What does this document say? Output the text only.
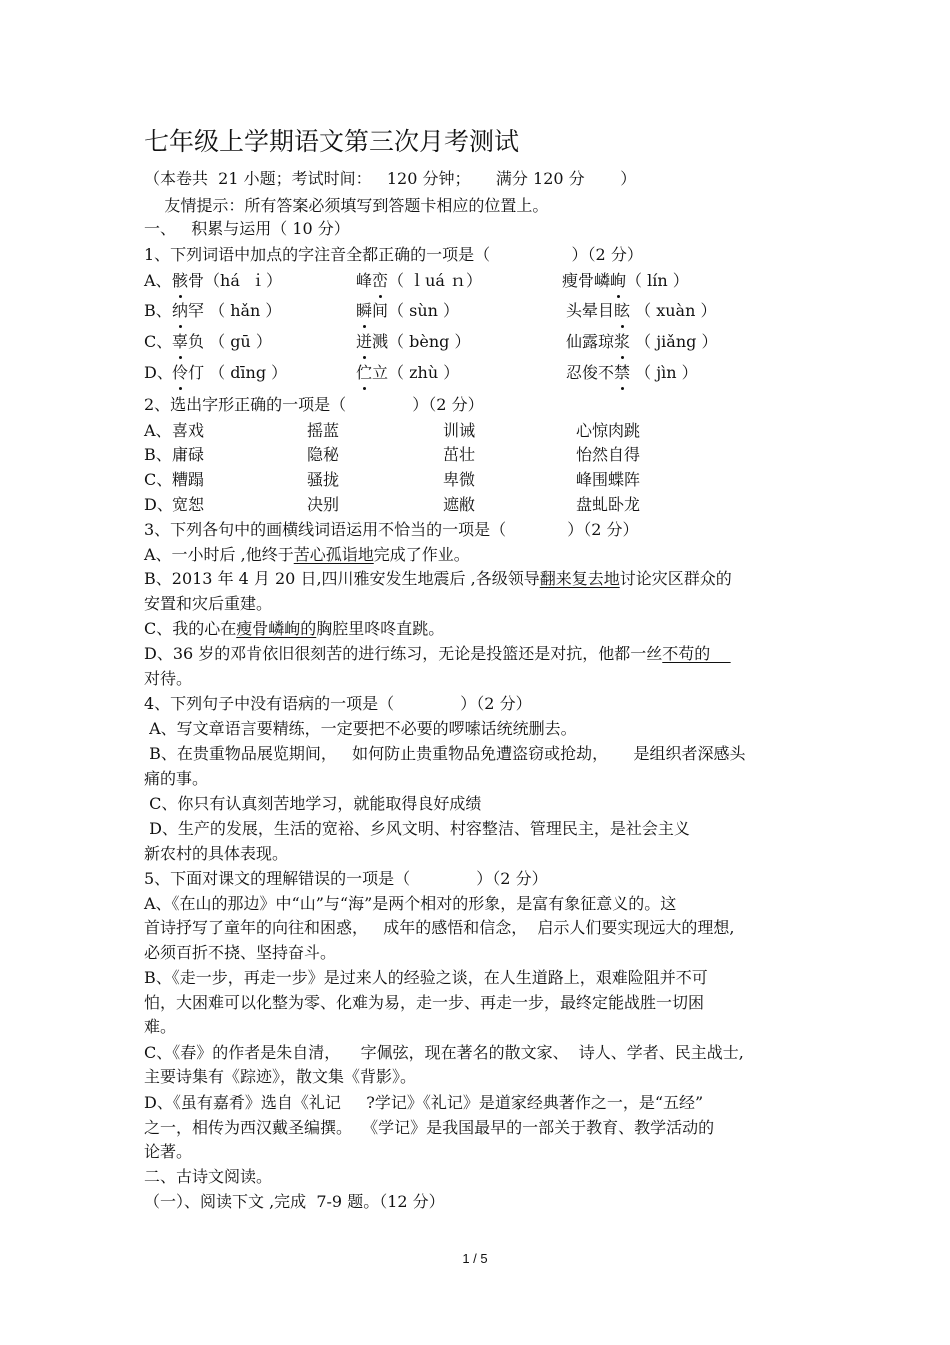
七年级上学期语文第三次月考测试
（本卷共  21 小题；考试时间：   120 分钟；     满分 120 分       ）
友情提示：所有答案必须填写到答题卡相应的位置上。
一、   积累与运用（ 10 分）
1、下列词语中加点的字注音全都正确的一项是（                ）（2 分）
A、 骸骨（há  ｉ）	峰峦（ ｌuá ｎ）	瘦骨嶙峋（ lín ）
B、 纳罕 （ hǎn ）	瞬间（ sùn ）	头晕目眩 （ xuàn ）
C、 辜负 （ gū ）	迸溅（ bèng ）	仙露琼浆 （ jiǎng ）
D、 伶仃 （ dīng ）	伫立（ zhù ）	忍俊不禁 （ jìn ）
2、选出字形正确的一项是（             ）（2 分）
A、 喜戏	摇蓝	训诫	心惊肉跳
B、 庸碌	隐秘	茁壮	怡然自得
C、 糟蹋	骚拢	卑微	峰围蝶阵
D、 宽恕	决别	遮敝	盘虬卧龙
3、下列各句中的画横线词语运用不恰当的一项是（            ）（2 分）
A、一小时后 ,他终于苦心孤诣地完成了作业。
B、2013 年 4 月 20 日,四川雅安发生地震后 ,各级领导翻来复去地讨论灾区群众的
安置和灾后重建。
C、我的心在瘦骨嶙峋的胸腔里咚咚直跳。
D、36 岁的邓肯依旧很刻苦的进行练习，无论是投篮还是对抗，他都一丝不苟的
对待。
4、下列句子中没有语病的一项是（             ）（2 分）
A、写文章语言要精练，一定要把不必要的啰嗦话统统删去。
B、在贵重物品展览期间，   如何防止贵重物品免遭盗窃或抢劫，     是组织者深感头
痛的事。
C、你只有认真刻苦地学习，就能取得良好成绩
D、生产的发展，生活的宽裕、乡风文明、村容整洁、管理民主，是社会主义
新农村的具体表现。
5、下面对课文的理解错误的一项是（             ）（2 分）
A、《在山的那边》中“山”与“海”是两个相对的形象，是富有象征意义的。这
首诗抒写了童年的向往和困惑，   成年的感悟和信念，  启示人们要实现远大的理想,
必须百折不挠、坚持奋斗。
B、《走一步，再走一步》是过来人的经验之谈，在人生道路上，艰难险阻并不可
怕，大困难可以化整为零、化难为易，走一步、再走一步，最终定能战胜一切困
难。
C、《春》的作者是朱自清，    字佩弦，现在著名的散文家、  诗人、学者、民主战士,
主要诗集有《踪迹》，散文集《背影》。
D、《虽有嘉肴》选自《礼记     ?学记》《礼记》是道家经典著作之一，是“五经”
之一，相传为西汉戴圣编撰。  《学记》是我国最早的一部关于教育、教学活动的
论著。
二、古诗文阅读。
（一）、阅读下文 ,完成  7-9 题。（12 分）
1 / 5
